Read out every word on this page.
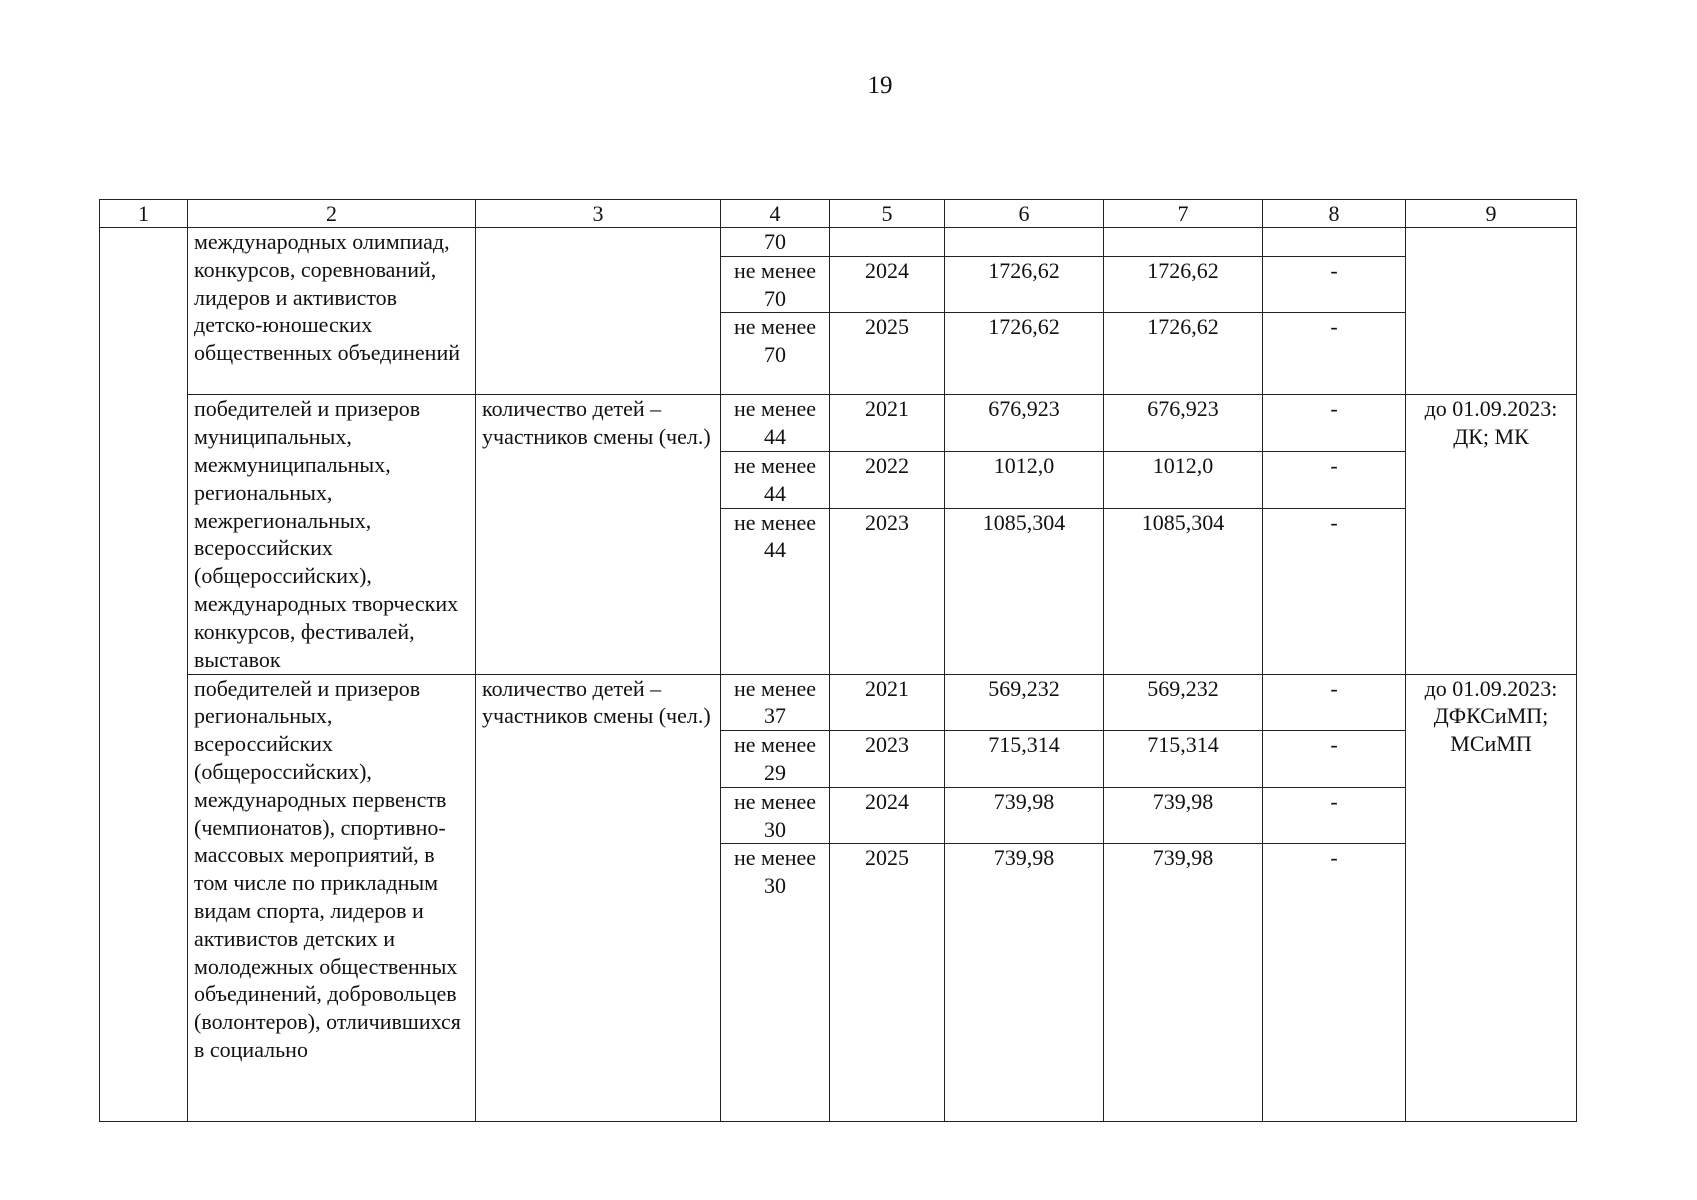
19
1	2	3	4	5	6	7	8	9
	международных олимпиад, конкурсов, соревнований, лидеров и активистов детско-юношеских общественных объединений		70					
			не менее 70	2024	1726,62	1726,62	-	
			не менее 70	2025	1726,62	1726,62	-	
	победителей и призеров муниципальных, межмуниципальных, региональных, межрегиональных, всероссийских (общероссийских), международных творческих конкурсов, фестивалей, выставок	количество детей – участников смены (чел.)	не менее 44	2021	676,923	676,923	-	до 01.09.2023: ДК; МК
			не менее 44	2022	1012,0	1012,0	-	
			не менее 44	2023	1085,304	1085,304	-	
	победителей и призеров региональных, всероссийских (общероссийских), международных первенств (чемпионатов), спортивно-массовых мероприятий, в том числе по прикладным видам спорта, лидеров и активистов детских и молодежных общественных объединений, добровольцев (волонтеров), отличившихся в социально	количество детей – участников смены (чел.)	не менее 37	2021	569,232	569,232	-	до 01.09.2023: ДФКСиМП; МСиМП
			не менее 29	2023	715,314	715,314	-	
			не менее 30	2024	739,98	739,98	-	
			не менее 30	2025	739,98	739,98	-	
